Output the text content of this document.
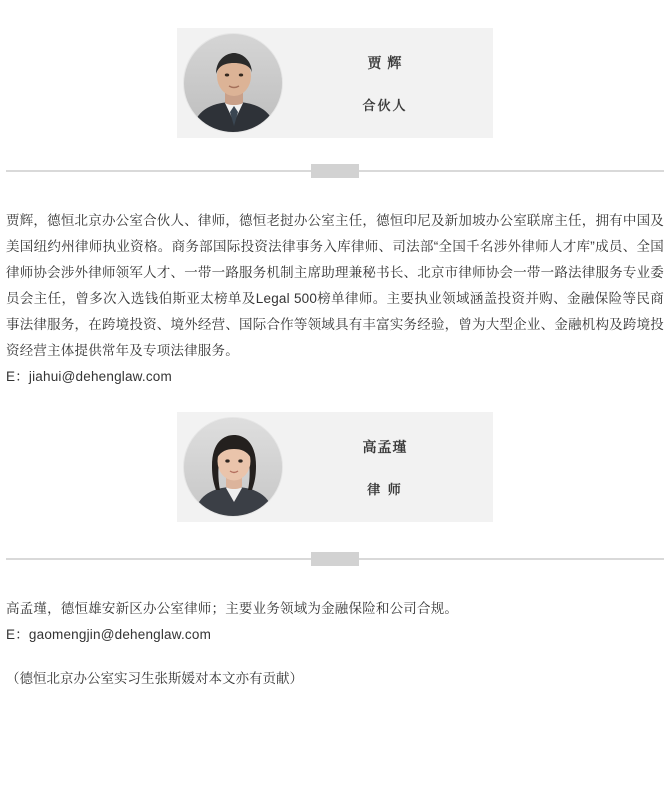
贾 辉
合伙人
贾辉，德恒北京办公室合伙人、律师，德恒老挝办公室主任，德恒印尼及新加坡办公室联席主任，拥有中国及美国纽约州律师执业资格。商务部国际投资法律事务入库律师、司法部“全国千名涉外律师人才库”成员、全国律师协会涉外律师领军人才、一带一路服务机制主席助理兼秘书长、北京市律师协会一带一路法律服务专业委员会主任，曾多次入选钱伯斯亚太榜单及Legal 500榜单律师。主要执业领域涵盖投资并购、金融保险等民商事法律服务，在跨境投资、境外经营、国际合作等领域具有丰富实务经验，曾为大型企业、金融机构及跨境投资经营主体提供常年及专项法律服务。
E：jiahui@dehenglaw.com
高孟瑾
律 师
高孟瑾，德恒雄安新区办公室律师；主要业务领域为金融保险和公司合规。
E：gaomengjin@dehenglaw.com
（德恒北京办公室实习生张斯媛对本文亦有贡献）
